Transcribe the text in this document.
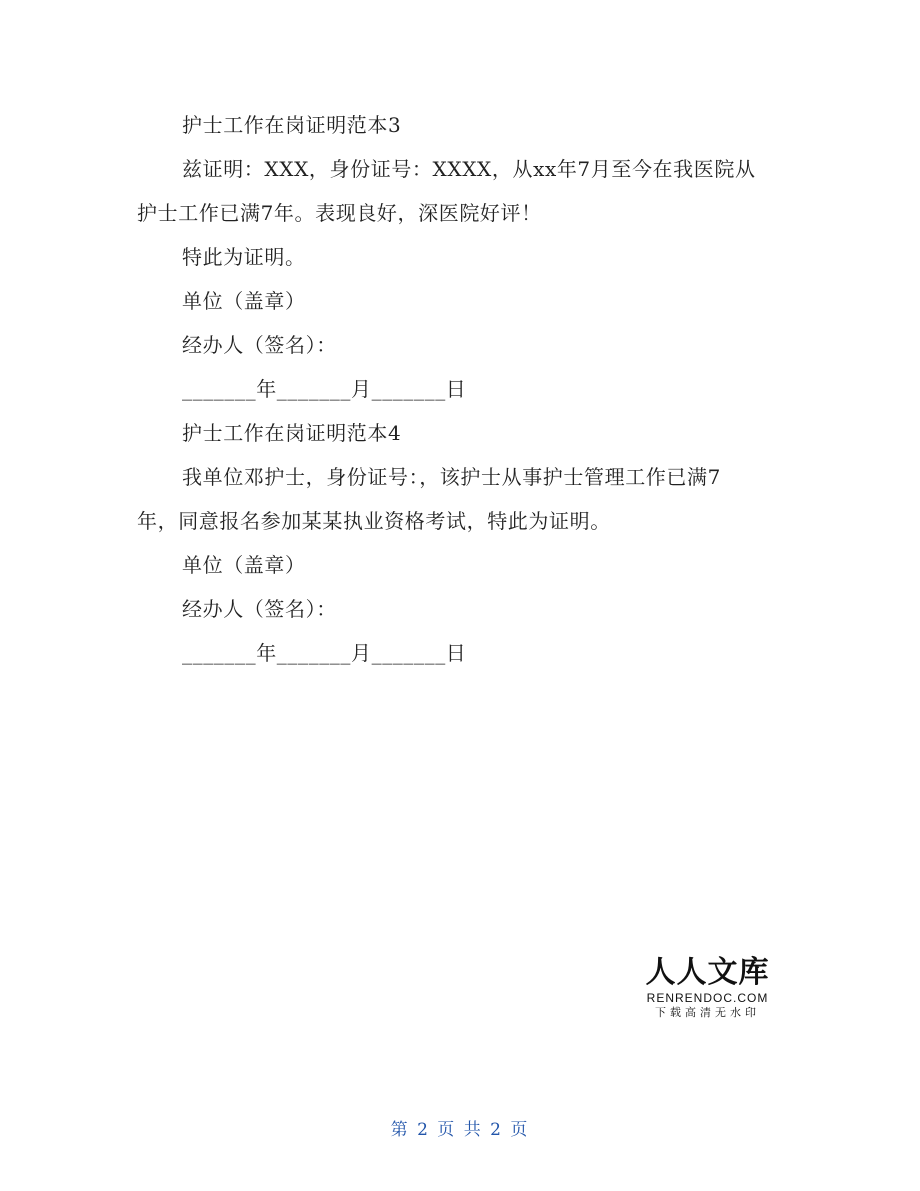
护士工作在岗证明范本3
兹证明：XXX，身份证号：XXXX，从xx年7月至今在我医院从
护士工作已满7年。表现良好，深医院好评！
特此为证明。
单位（盖章）
经办人（签名）：
_______年_______月_______日
护士工作在岗证明范本4
我单位邓护士，身份证号：，该护士从事护士管理工作已满7
年，同意报名参加某某执业资格考试，特此为证明。
单位（盖章）
经办人（签名）：
_______年_______月_______日
人人文库
RENRENDOC.COM
下载高清无水印
第 2 页 共 2 页
